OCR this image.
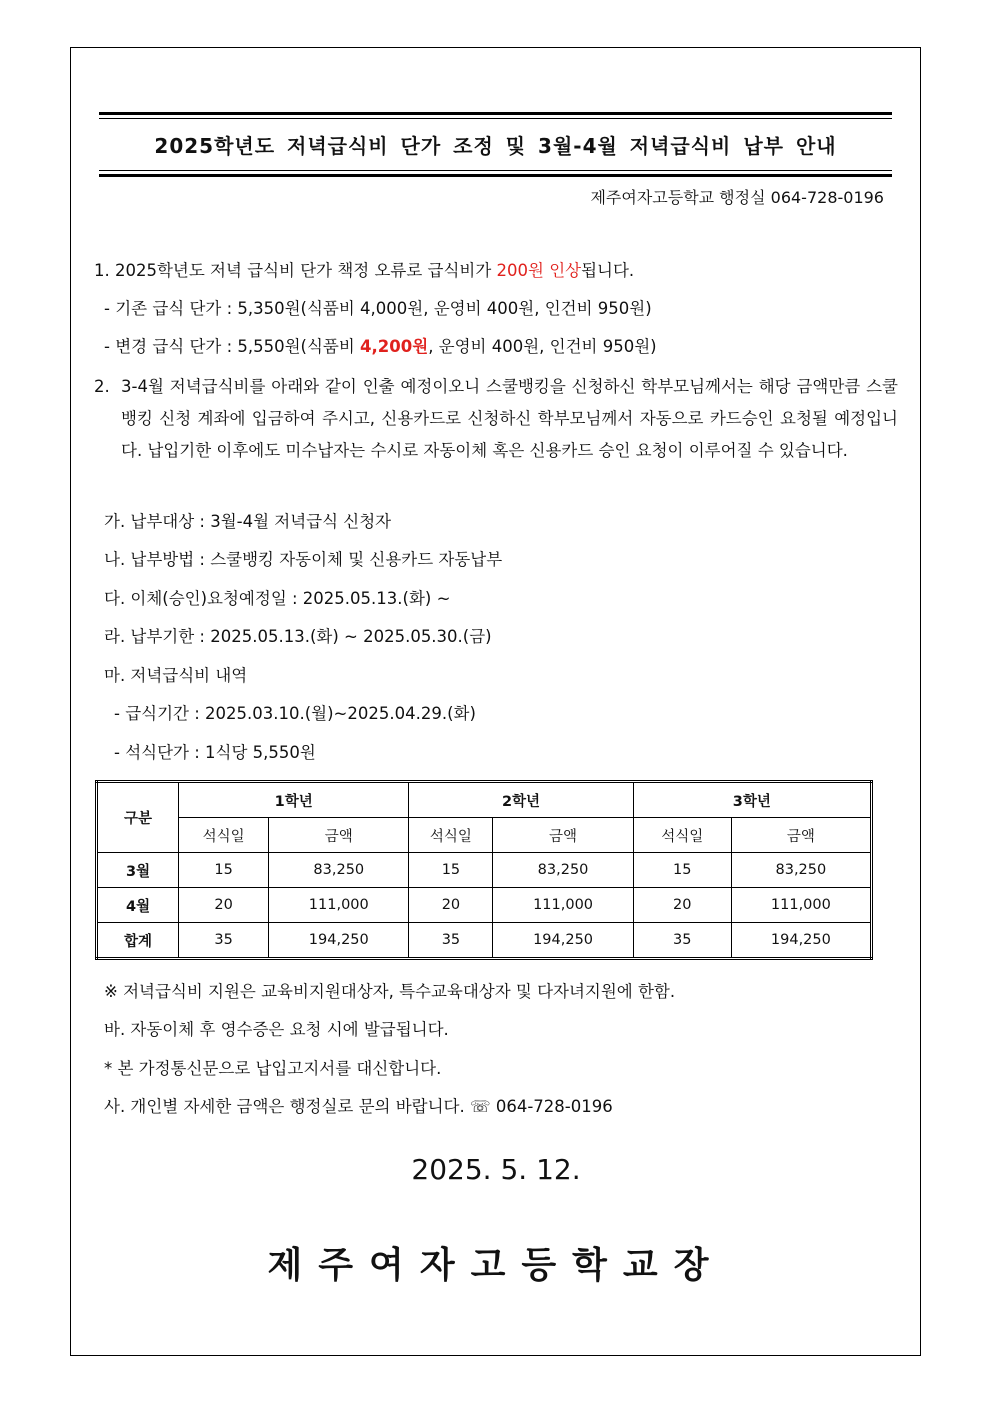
2025학년도 저녁급식비 단가 조정 및 3월-4월 저녁급식비 납부 안내
제주여자고등학교 행정실 064-728-0196
1. 2025학년도 저녁 급식비 단가 책정 오류로 급식비가 200원 인상됩니다.
- 기존 급식 단가 : 5,350원(식품비 4,000원, 운영비 400원, 인건비 950원)
- 변경 급식 단가 : 5,550원(식품비 4,200원, 운영비 400원, 인건비 950원)
2. 3-4월 저녁급식비를 아래와 같이 인출 예정이오니 스쿨뱅킹을 신청하신 학부모님께서는 해당 금액만큼 스쿨뱅킹 신청 계좌에 입금하여 주시고, 신용카드로 신청하신 학부모님께서 자동으로 카드승인 요청될 예정입니다. 납입기한 이후에도 미수납자는 수시로 자동이체 혹은 신용카드 승인 요청이 이루어질 수 있습니다.
가. 납부대상 : 3월-4월 저녁급식 신청자
나. 납부방법 : 스쿨뱅킹 자동이체 및 신용카드 자동납부
다. 이체(승인)요청예정일 : 2025.05.13.(화) ~
라. 납부기한 : 2025.05.13.(화) ~ 2025.05.30.(금)
마. 저녁급식비 내역
- 급식기간 : 2025.03.10.(월)~2025.04.29.(화)
- 석식단가 : 1식당 5,550원
구분	1학년		2학년		3학년	
	석식일	금액	석식일	금액	석식일	금액
3월	15	83,250	15	83,250	15	83,250
4월	20	111,000	20	111,000	20	111,000
합계	35	194,250	35	194,250	35	194,250
※ 저녁급식비 지원은 교육비지원대상자, 특수교육대상자 및 다자녀지원에 한함.
바. 자동이체 후 영수증은 요청 시에 발급됩니다.
* 본 가정통신문으로 납입고지서를 대신합니다.
사. 개인별 자세한 금액은 행정실로 문의 바랍니다. ☏ 064-728-0196
2025. 5. 12.
제주여자고등학교장
